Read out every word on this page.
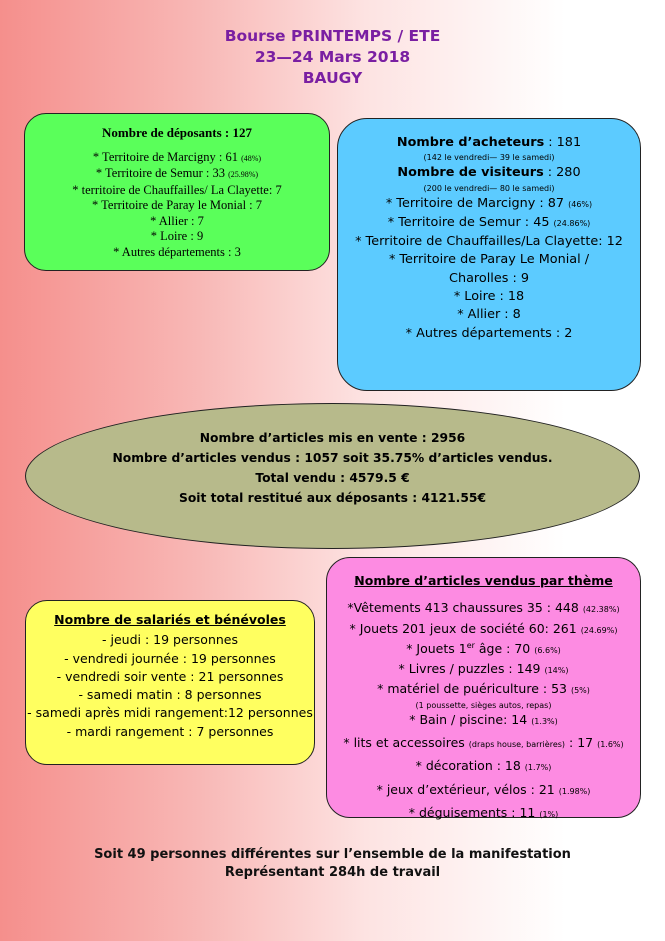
Bourse PRINTEMPS / ETE

23—24 Mars 2018

BAUGY

Nombre de déposants : 127

* Territoire de Marcigny : 61 (48%)

* Territoire de Semur : 33 (25.98%)

* territoire de Chauffailles/ La Clayette: 7

* Territoire de Paray le Monial : 7

* Allier : 7

* Loire : 9

* Autres départements : 3

Nombre d’acheteurs : 181

(142 le vendredi— 39 le samedi)

Nombre de visiteurs : 280

(200 le vendredi— 80 le samedi)

* Territoire de Marcigny : 87 (46%)

* Territoire de Semur : 45 (24.86%)

* Territoire de Chauffailles/La Clayette: 12

* Territoire de Paray Le Monial /

Charolles : 9

* Loire : 18

* Allier : 8

* Autres départements : 2

Nombre d’articles mis en vente : 2956

Nombre d’articles vendus : 1057 soit 35.75% d’articles vendus.

Total vendu : 4579.5 €

Soit total restitué aux déposants : 4121.55€

Nombre de salariés et bénévoles

- jeudi : 19 personnes

- vendredi journée : 19 personnes

- vendredi soir vente : 21 personnes

- samedi matin : 8 personnes

- samedi après midi rangement:12 personnes

- mardi rangement : 7 personnes

Nombre d’articles vendus par thème

*Vêtements 413 chaussures 35 : 448 (42.38%)

* Jouets 201 jeux de société 60: 261 (24.69%)

* Jouets 1er âge : 70 (6.6%)

* Livres / puzzles : 149 (14%)

* matériel de puériculture : 53 (5%)

(1 poussette, sièges autos, repas)

* Bain / piscine: 14 (1.3%)

* lits et accessoires (draps house, barrières) : 17 (1.6%)

* décoration : 18 (1.7%)

* jeux d’extérieur, vélos : 21 (1.98%)

* déguisements : 11 (1%)

Soit 49 personnes différentes sur l’ensemble de la manifestation

Représentant 284h de travail
